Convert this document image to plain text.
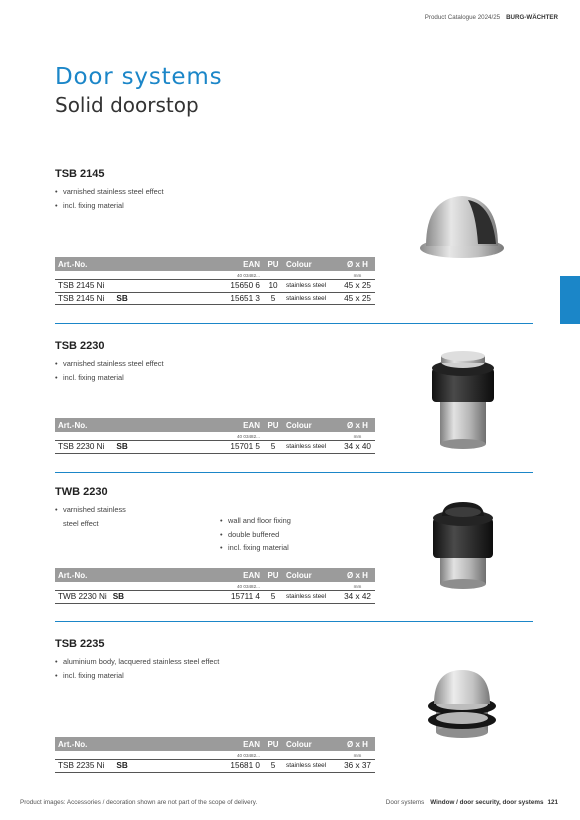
Product Catalogue 2024/25 BURG-WÄCHTER
Door systems
Solid doorstop
TSB 2145
• varnished stainless steel effect
• incl. fixing material
Art.-No.	EAN PU Colour	Ø x H
40 03482...	mm
TSB 2145 Ni	15650 6	10	stainless steel	45 x 25
TSB 2145 Ni SB	15651 3	5	stainless steel	45 x 25
TSB 2230
• varnished stainless steel effect
• incl. fixing material
Art.-No.	EAN PU Colour	Ø x H
40 03482...	mm
TSB 2230 Ni SB	15701 5	5	stainless steel	34 x 40
TWB 2230
• varnished stainless
steel effect
•	wall and floor fixing
• double buffered
• incl. fixing material
Art.-No.	EAN PU Colour	Ø x H
40 03482...	mm
TWB 2230 Ni SB	15711 4	5	stainless steel	34 x 42
TSB 2235
• aluminium body, lacquered stainless steel effect
• incl. fixing material
Art.-No.	EAN PU Colour	Ø x H
40 03482...	mm
TSB 2235 Ni SB	15681 0	5	stainless steel	36 x 37
Product images: Accessories / decoration shown are not part of the scope of delivery.	Door systems Window / door security, door systems 121
